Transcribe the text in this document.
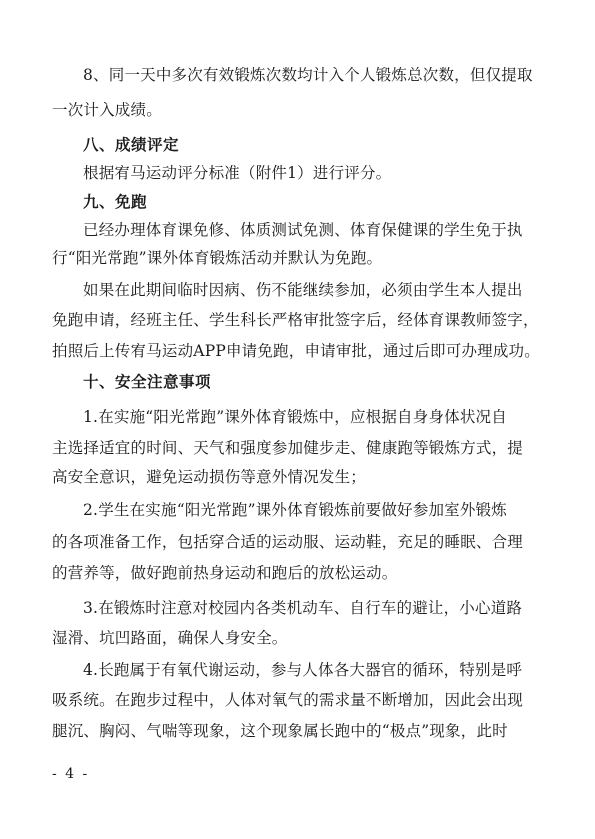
8、同一天中多次有效锻炼次数均计入个人锻炼总次数，但仅提取
一次计入成绩。
八、成绩评定
根据宥马运动评分标准（附件1）进行评分。
九、免跑
已经办理体育课免修、体质测试免测、体育保健课的学生免于执
行“阳光常跑”课外体育锻炼活动并默认为免跑。
如果在此期间临时因病、伤不能继续参加，必须由学生本人提出
免跑申请，经班主任、学生科长严格审批签字后，经体育课教师签字，
拍照后上传宥马运动APP申请免跑，申请审批，通过后即可办理成功。
十、安全注意事项
1.在实施“阳光常跑”课外体育锻炼中，应根据自身身体状况自
主选择适宜的时间、天气和强度参加健步走、健康跑等锻炼方式，提
高安全意识，避免运动损伤等意外情况发生；
2.学生在实施“阳光常跑”课外体育锻炼前要做好参加室外锻炼
的各项准备工作，包括穿合适的运动服、运动鞋，充足的睡眠、合理
的营养等，做好跑前热身运动和跑后的放松运动。
3.在锻炼时注意对校园内各类机动车、自行车的避让，小心道路
湿滑、坑凹路面，确保人身安全。
4.长跑属于有氧代谢运动，参与人体各大器官的循环，特别是呼
吸系统。在跑步过程中，人体对氧气的需求量不断增加，因此会出现
腿沉、胸闷、气喘等现象，这个现象属长跑中的“极点”现象，此时
- 4 -
